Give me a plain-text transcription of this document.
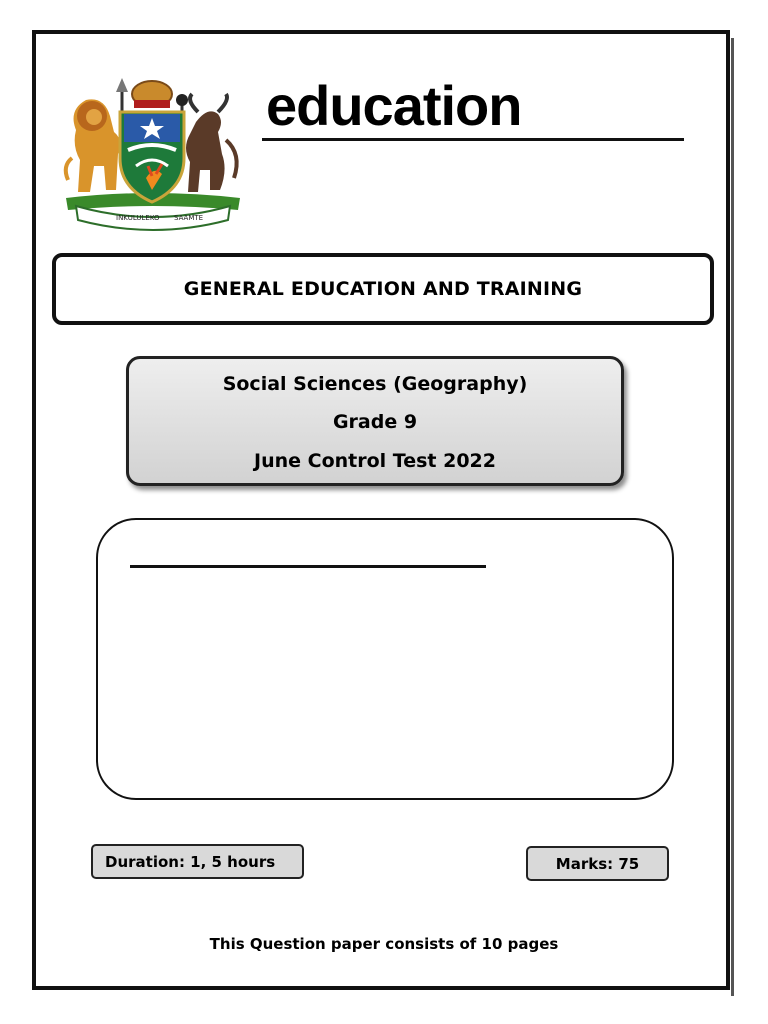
INKULULEKO SAAMTE
education
GENERAL EDUCATION AND TRAINING
Social Sciences (Geography)
Grade 9
June Control Test 2022
Duration: 1, 5 hours	Marks: 75
This Question paper consists of 10 pages
